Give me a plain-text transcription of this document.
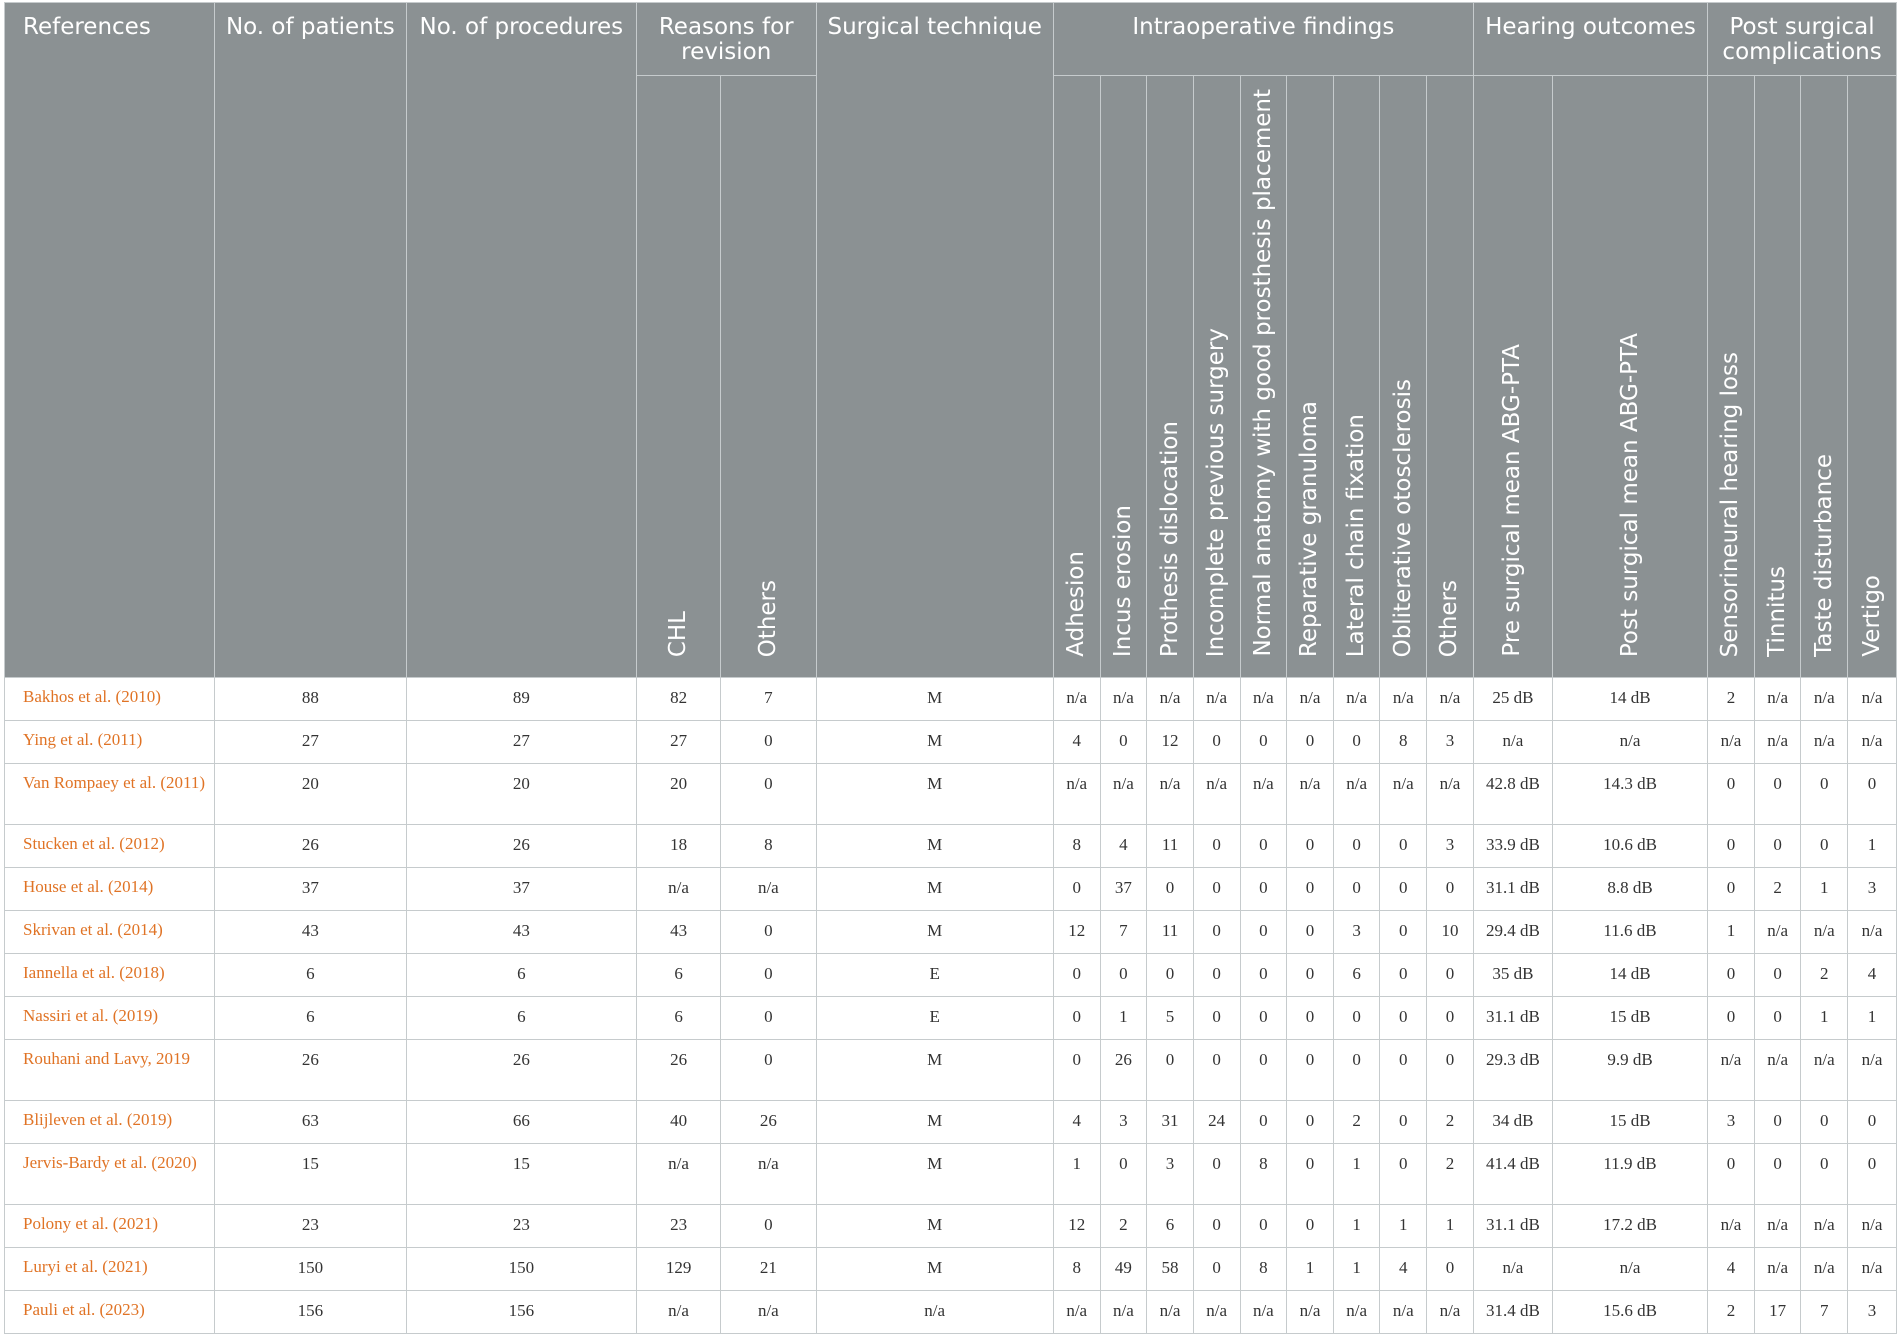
References	No. of patients	No. of procedures	Reasons for revision		Surgical technique	Intraoperative findings									Hearing outcomes		Post surgical complications			
			CHL	Others		Adhesion	Incus erosion	Prothesis dislocation	Incomplete previous surgery	Normal anatomy with good prosthesis placement	Reparative granuloma	Lateral chain fixation	Obliterative otosclerosis	Others	Pre surgical mean ABG-PTA	Post surgical mean ABG-PTA	Sensorineural hearing loss	Tinnitus	Taste disturbance	Vertigo
Bakhos et al. (2010)	88	89	82	7	M	n/a	n/a	n/a	n/a	n/a	n/a	n/a	n/a	n/a	25 dB	14 dB	2	n/a	n/a	n/a
Ying et al. (2011)	27	27	27	0	M	4	0	12	0	0	0	0	8	3	n/a	n/a	n/a	n/a	n/a	n/a
Van Rompaey et al. (2011)	20	20	20	0	M	n/a	n/a	n/a	n/a	n/a	n/a	n/a	n/a	n/a	42.8 dB	14.3 dB	0	0	0	0
Stucken et al. (2012)	26	26	18	8	M	8	4	11	0	0	0	0	0	3	33.9 dB	10.6 dB	0	0	0	1
House et al. (2014)	37	37	n/a	n/a	M	0	37	0	0	0	0	0	0	0	31.1 dB	8.8 dB	0	2	1	3
Skrivan et al. (2014)	43	43	43	0	M	12	7	11	0	0	0	3	0	10	29.4 dB	11.6 dB	1	n/a	n/a	n/a
Iannella et al. (2018)	6	6	6	0	E	0	0	0	0	0	0	6	0	0	35 dB	14 dB	0	0	2	4
Nassiri et al. (2019)	6	6	6	0	E	0	1	5	0	0	0	0	0	0	31.1 dB	15 dB	0	0	1	1
Rouhani and Lavy, 2019	26	26	26	0	M	0	26	0	0	0	0	0	0	0	29.3 dB	9.9 dB	n/a	n/a	n/a	n/a
Blijleven et al. (2019)	63	66	40	26	M	4	3	31	24	0	0	2	0	2	34 dB	15 dB	3	0	0	0
Jervis-Bardy et al. (2020)	15	15	n/a	n/a	M	1	0	3	0	8	0	1	0	2	41.4 dB	11.9 dB	0	0	0	0
Polony et al. (2021)	23	23	23	0	M	12	2	6	0	0	0	1	1	1	31.1 dB	17.2 dB	n/a	n/a	n/a	n/a
Luryi et al. (2021)	150	150	129	21	M	8	49	58	0	8	1	1	4	0	n/a	n/a	4	n/a	n/a	n/a
Pauli et al. (2023)	156	156	n/a	n/a	n/a	n/a	n/a	n/a	n/a	n/a	n/a	n/a	n/a	n/a	31.4 dB	15.6 dB	2	17	7	3
